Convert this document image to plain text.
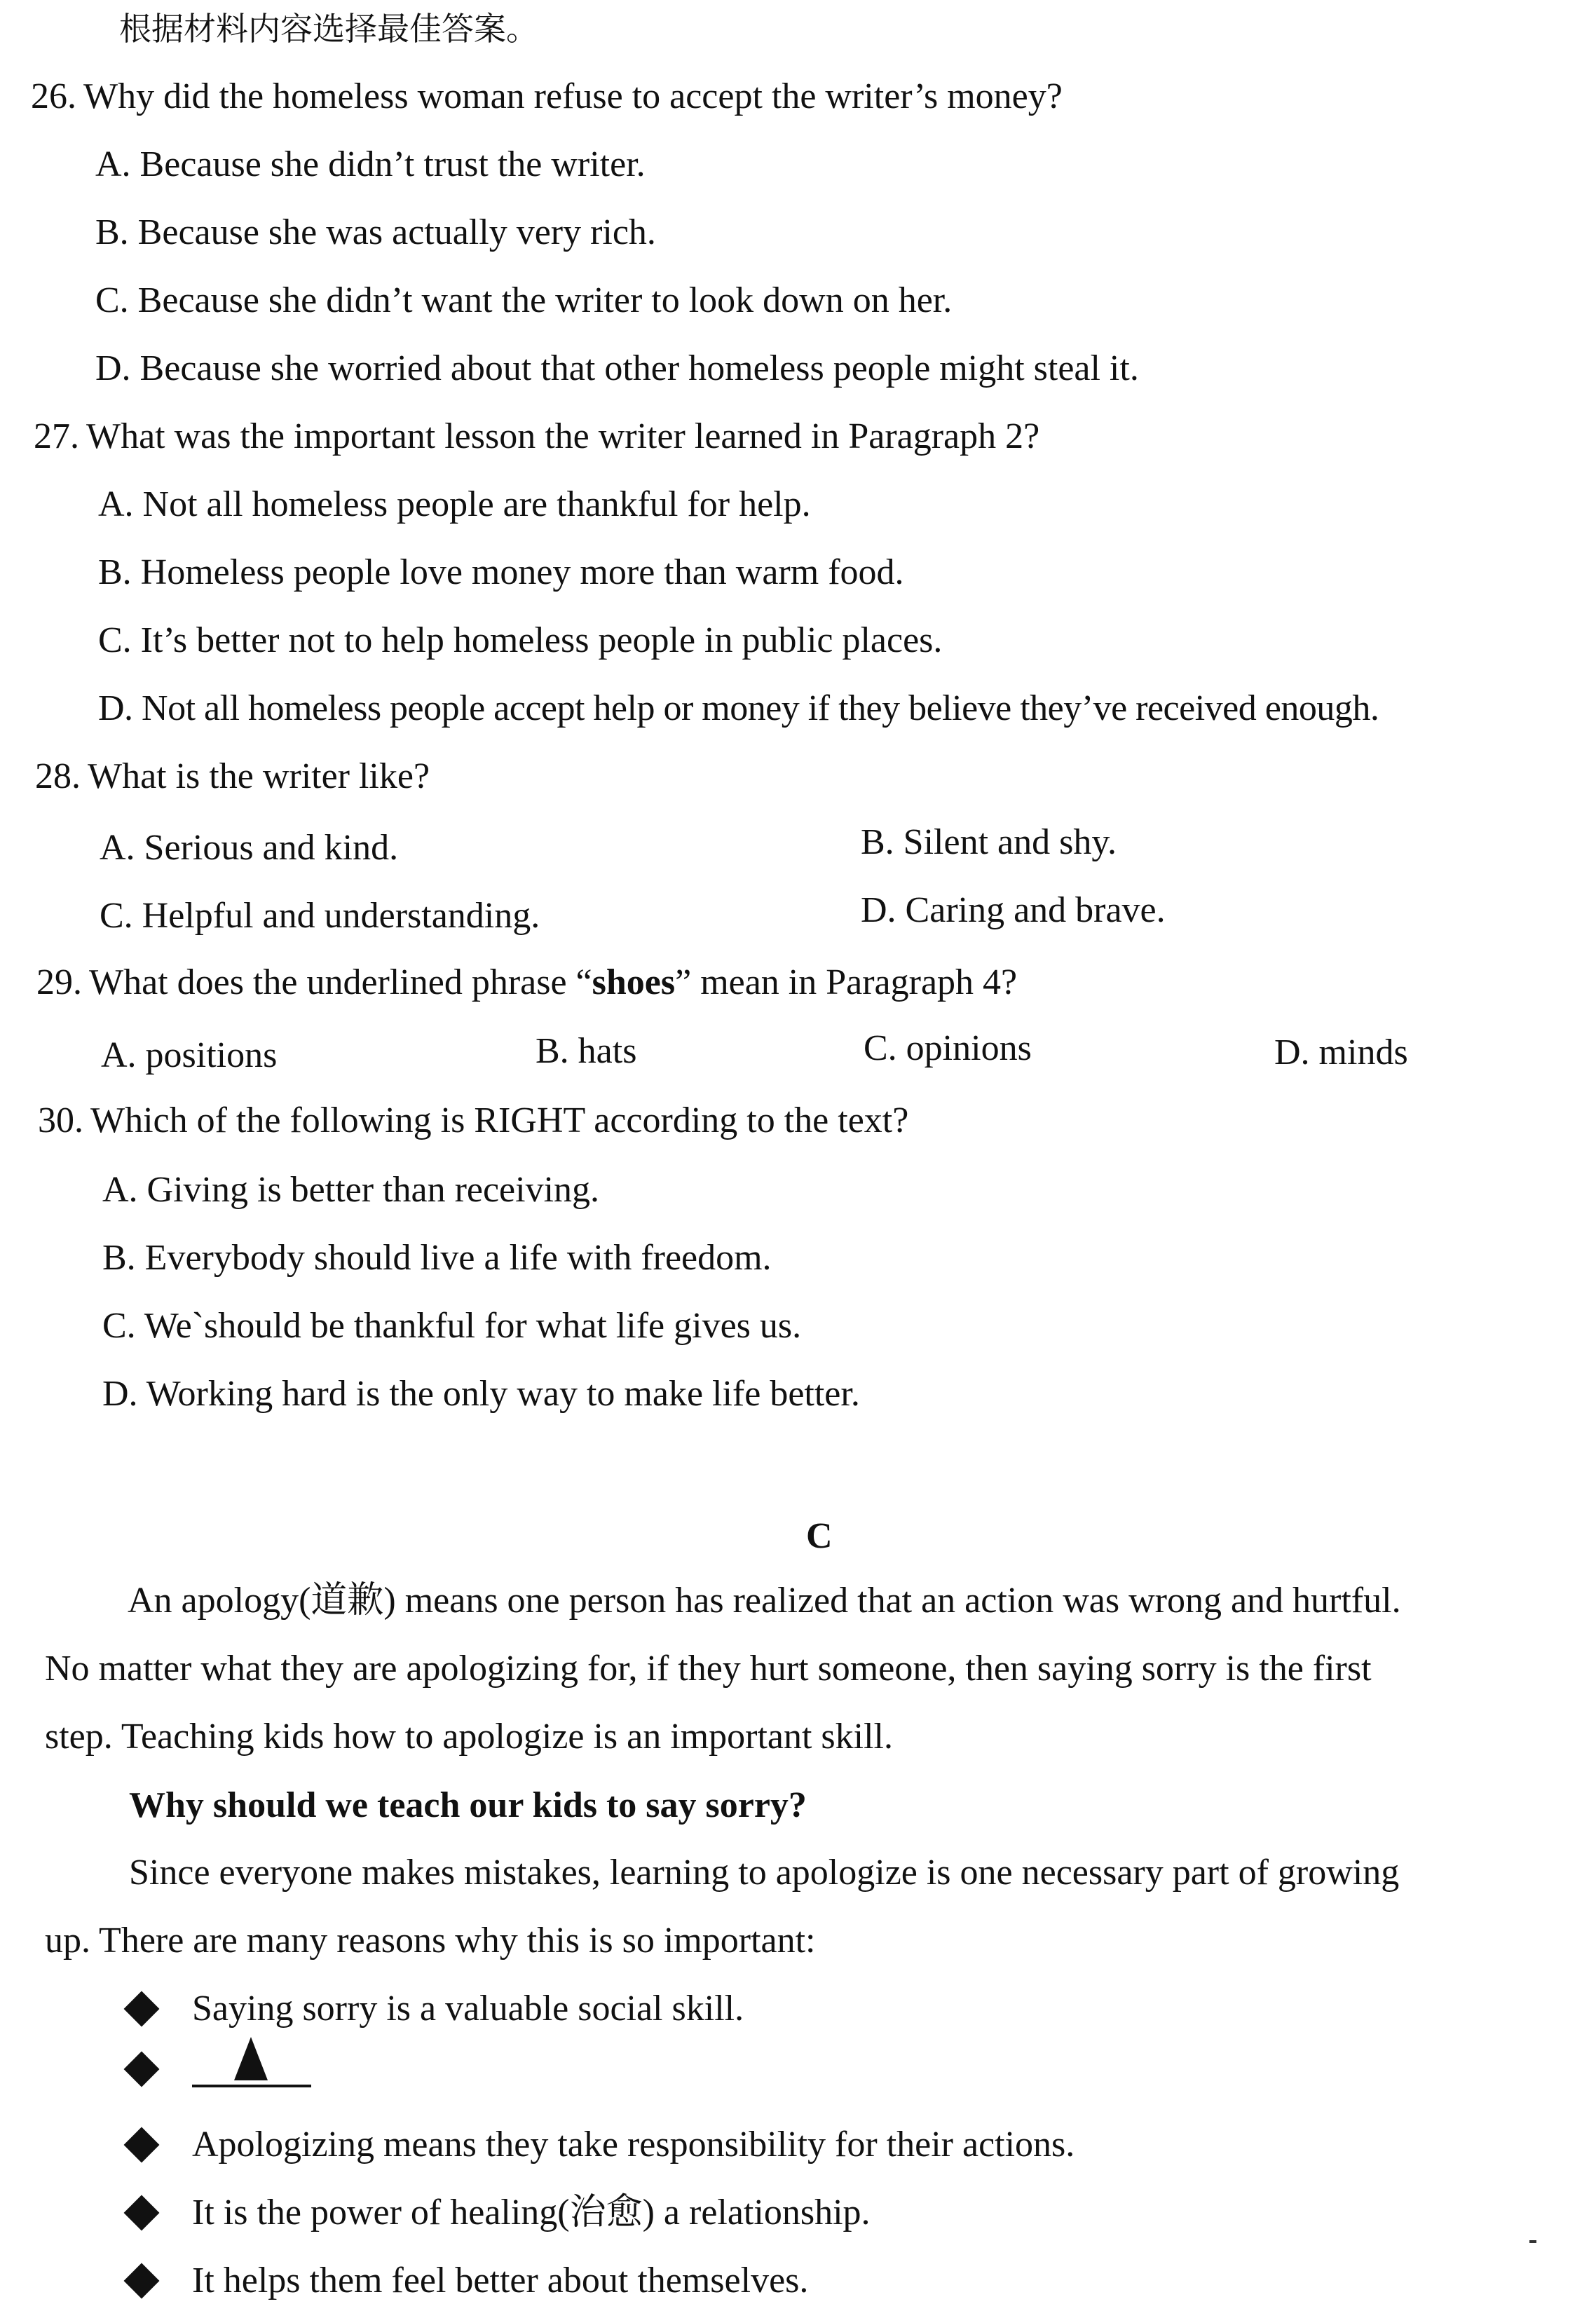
根据材料内容选择最佳答案。
26. Why did the homeless woman refuse to accept the writer’s money?
A. Because she didn’t trust the writer.
B. Because she was actually very rich.
C. Because she didn’t want the writer to look down on her.
D. Because she worried about that other homeless people might steal it.
27. What was the important lesson the writer learned in Paragraph 2?
A. Not all homeless people are thankful for help.
B. Homeless people love money more than warm food.
C. It’s better not to help homeless people in public places.
D. Not all homeless people accept help or money if they believe they’ve received enough.
28. What is the writer like?
A. Serious and kind.	B. Silent and shy.
C. Helpful and understanding.	D. Caring and brave.
29. What does the underlined phrase “shoes” mean in Paragraph 4?
A. positions	B. hats	C. opinions	D. minds
30. Which of the following is RIGHT according to the text?
A. Giving is better than receiving.
B. Everybody should live a life with freedom.
C. We`should be thankful for what life gives us.
D. Working hard is the only way to make life better.
C
An apology(道歉) means one person has realized that an action was wrong and hurtful.
No matter what they are apologizing for, if they hurt someone, then saying sorry is the first
step. Teaching kids how to apologize is an important skill.
Why should we teach our kids to say sorry?
Since everyone makes mistakes, learning to apologize is one necessary part of growing
up. There are many reasons why this is so important:
Saying sorry is a valuable social skill.
Apologizing means they take responsibility for their actions.
It is the power of healing(治愈) a relationship.
It helps them feel better about themselves.
